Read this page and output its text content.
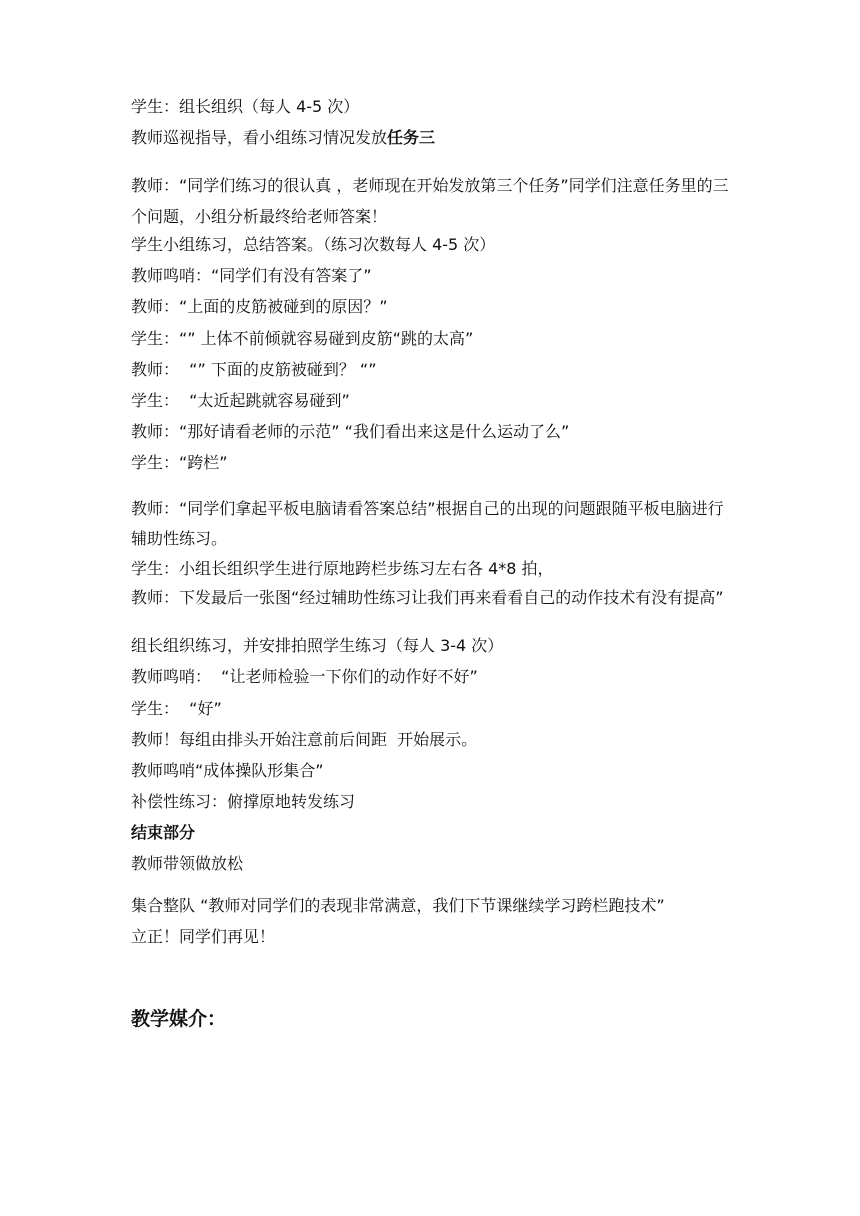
学生：组长组织（每人 4-5 次）

教师巡视指导，看小组练习情况发放任务三

教师：“同学们练习的很认真 ，老师现在开始发放第三个任务”同学们注意任务里的三个问题，小组分析最终给老师答案！

学生小组练习，总结答案。（练习次数每人 4-5 次）

教师鸣哨：“同学们有没有答案了”

教师：“上面的皮筋被碰到的原因？”

学生：“” 上体不前倾就容易碰到皮筋“跳的太高”

教师：  “” 下面的皮筋被碰到？ “”

学生：  “太近起跳就容易碰到”

教师：“那好请看老师的示范” “我们看出来这是什么运动了么”

学生：“跨栏”

教师：“同学们拿起平板电脑请看答案总结”根据自己的出现的问题跟随平板电脑进行辅助性练习。

学生：小组长组织学生进行原地跨栏步练习左右各 4*8 拍，

教师：下发最后一张图“经过辅助性练习让我们再来看看自己的动作技术有没有提高”

组长组织练习，并安排拍照学生练习（每人 3-4 次）

教师鸣哨：  “让老师检验一下你们的动作好不好”

学生：  “好”

教师！每组由排头开始注意前后间距  开始展示。

教师鸣哨“成体操队形集合”

补偿性练习：俯撑原地转发练习

结束部分

教师带领做放松

集合整队 “教师对同学们的表现非常满意，我们下节课继续学习跨栏跑技术”

立正！同学们再见！

教学媒介：
